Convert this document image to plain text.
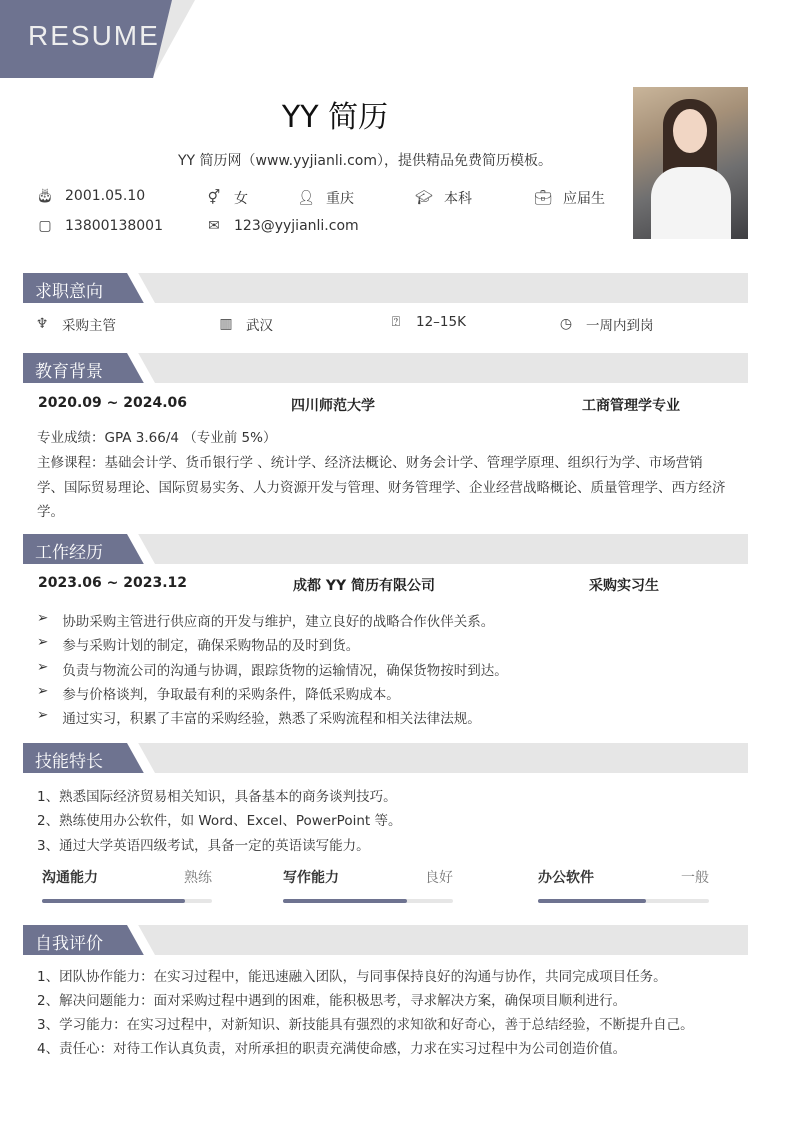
RESUME
YY 简历
YY 简历网（www.yyjianli.com），提供精品免费简历模板。
🎂︎ 2001.05.10	⚥ 女	👤︎ 重庆	🎓︎ 本科	💼︎ 应届生
▢ 13800138001	✉ 123@yyjianli.com
求职意向
♆ 采购主管	▥ 武汉	⍰	12–15K	◷ 一周内到岗
教育背景
2020.09 ~ 2024.06	四川师范大学	工商管理学专业
专业成绩：GPA 3.66/4 （专业前 5%）
主修课程：基础会计学、货币银行学 、统计学、经济法概论、财务会计学、管理学原理、组织行为学、市场营销学、国际贸易理论、国际贸易实务、人力资源开发与管理、财务管理学、企业经营战略概论、质量管理学、西方经济学。
工作经历
2023.06 ~ 2023.12	成都 YY 简历有限公司	采购实习生
➢ 协助采购主管进行供应商的开发与维护，建立良好的战略合作伙伴关系。
➢ 参与采购计划的制定，确保采购物品的及时到货。
➢ 负责与物流公司的沟通与协调，跟踪货物的运输情况，确保货物按时到达。
➢ 参与价格谈判，争取最有利的采购条件，降低采购成本。
➢ 通过实习，积累了丰富的采购经验，熟悉了采购流程和相关法律法规。
技能特长
1、熟悉国际经济贸易相关知识，具备基本的商务谈判技巧。
2、熟练使用办公软件，如 Word、Excel、PowerPoint 等。
3、通过大学英语四级考试，具备一定的英语读写能力。
沟通能力	熟练	写作能力	良好	办公软件	一般
自我评价
1、团队协作能力：在实习过程中，能迅速融入团队，与同事保持良好的沟通与协作，共同完成项目任务。
2、解决问题能力：面对采购过程中遇到的困难，能积极思考，寻求解决方案，确保项目顺利进行。
3、学习能力：在实习过程中，对新知识、新技能具有强烈的求知欲和好奇心，善于总结经验，不断提升自己。
4、责任心：对待工作认真负责，对所承担的职责充满使命感，力求在实习过程中为公司创造价值。
